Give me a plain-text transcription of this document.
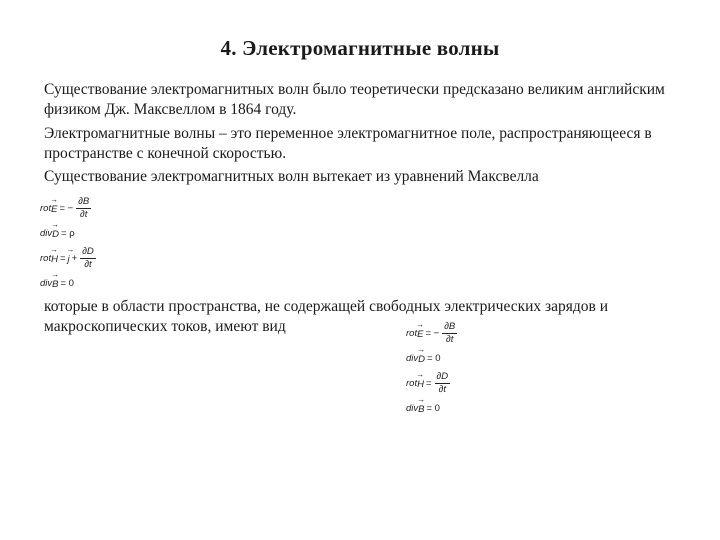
4. Электромагнитные волны

Существование электромагнитных волн было теоретически предсказано великим английским физиком Дж. Максвеллом в 1864 году.

Электромагнитные волны – это переменное электромагнитное поле, распространяющееся в пространстве с конечной скоростью.

Существование электромагнитных волн вытекает из уравнений Максвелла

rot → E = − $\frac{\partial B}{\partial t}$
div → D = ρ
rot → H = → $j + \frac{\partial D}{\partial t}$
div → B = 0

которые в области пространства, не содержащей свободных электрических зарядов и макроскопических токов, имеют вид	rot → E = − $\frac{\partial B}{\partial t}$
div → D = 0
rot → $H = \frac{\partial D}{\partial t}$
div → B = 0
